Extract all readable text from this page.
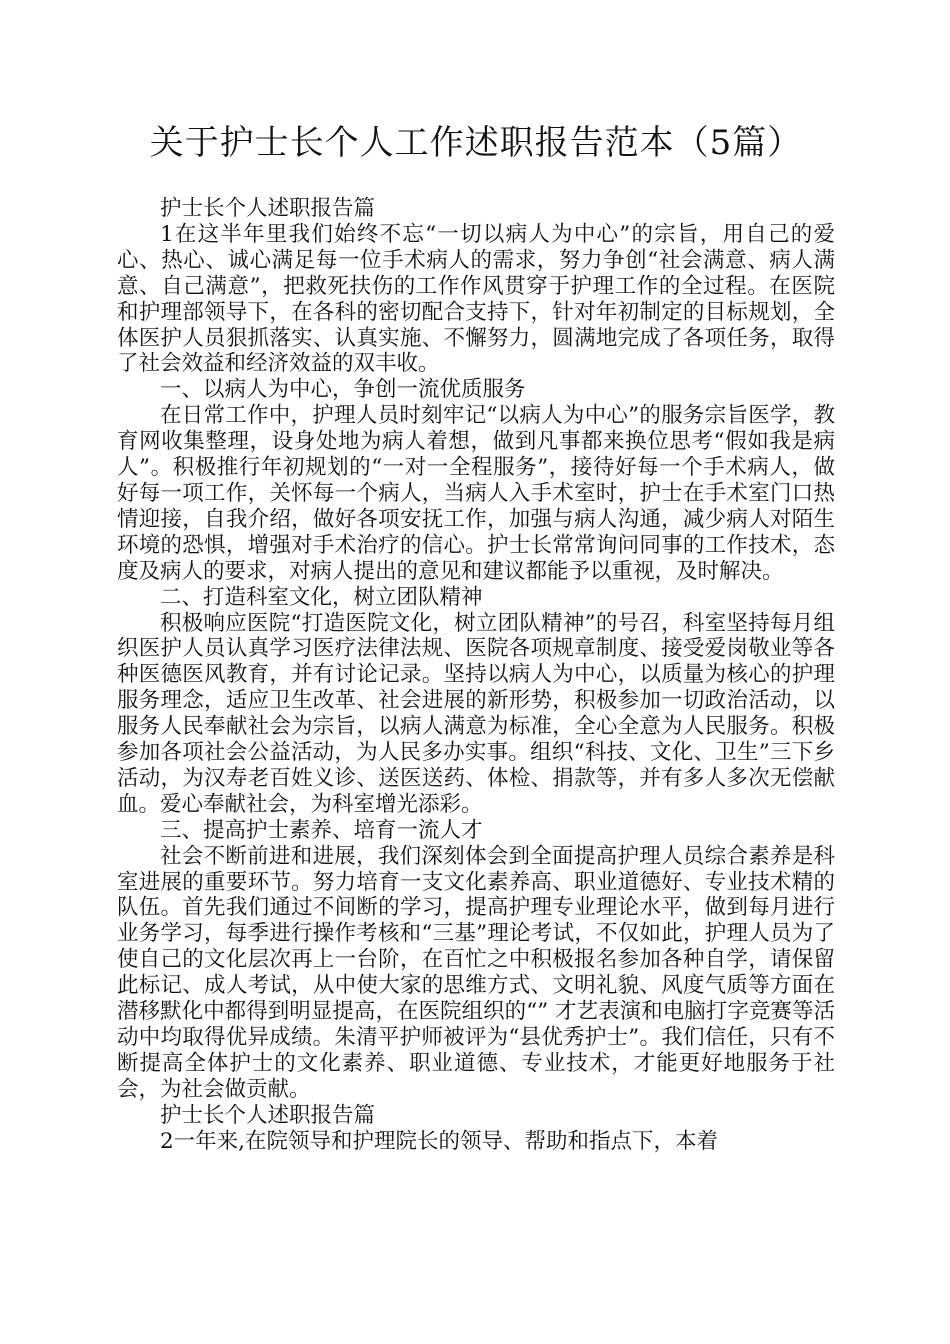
关于护士长个人工作述职报告范本（5篇）

护士长个人述职报告篇

1在这半年里我们始终不忘“一切以病人为中心”的宗旨，用自己的爱心、热心、诚心满足每一位手术病人的需求，努力争创“社会满意、病人满意、自己满意”，把救死扶伤的工作作风贯穿于护理工作的全过程。在医院和护理部领导下，在各科的密切配合支持下，针对年初制定的目标规划，全体医护人员狠抓落实、认真实施、不懈努力，圆满地完成了各项任务，取得了社会效益和经济效益的双丰收。

一、以病人为中心，争创一流优质服务

在日常工作中，护理人员时刻牢记“以病人为中心”的服务宗旨医学，教育网收集整理，设身处地为病人着想，做到凡事都来换位思考“假如我是病人”。积极推行年初规划的“一对一全程服务”，接待好每一个手术病人，做好每一项工作，关怀每一个病人，当病人入手术室时，护士在手术室门口热情迎接，自我介绍，做好各项安抚工作，加强与病人沟通，减少病人对陌生环境的恐惧，增强对手术治疗的信心。护士长常常询问同事的工作技术，态度及病人的要求，对病人提出的意见和建议都能予以重视，及时解决。

二、打造科室文化，树立团队精神

积极响应医院“打造医院文化，树立团队精神”的号召，科室坚持每月组织医护人员认真学习医疗法律法规、医院各项规章制度、接受爱岗敬业等各种医德医风教育，并有讨论记录。坚持以病人为中心，以质量为核心的护理服务理念，适应卫生改革、社会进展的新形势，积极参加一切政治活动，以服务人民奉献社会为宗旨，以病人满意为标准，全心全意为人民服务。积极参加各项社会公益活动，为人民多办实事。组织“科技、文化、卫生”三下乡活动，为汉寿老百姓义诊、送医送药、体检、捐款等，并有多人多次无偿献血。爱心奉献社会，为科室增光添彩。

三、提高护士素养、培育一流人才

社会不断前进和进展，我们深刻体会到全面提高护理人员综合素养是科室进展的重要环节。努力培育一支文化素养高、职业道德好、专业技术精的队伍。首先我们通过不间断的学习，提高护理专业理论水平，做到每月进行业务学习，每季进行操作考核和“三基”理论考试，不仅如此，护理人员为了使自己的文化层次再上一台阶，在百忙之中积极报名参加各种自学，请保留此标记、成人考试，从中使大家的思维方式、文明礼貌、风度气质等方面在潜移默化中都得到明显提高，在医院组织的“” 才艺表演和电脑打字竞赛等活动中均取得优异成绩。朱清平护师被评为“县优秀护士”。我们信任，只有不断提高全体护士的文化素养、职业道德、专业技术，才能更好地服务于社会，为社会做贡献。

护士长个人述职报告篇

2一年来,在院领导和护理院长的领导、帮助和指点下，本着
